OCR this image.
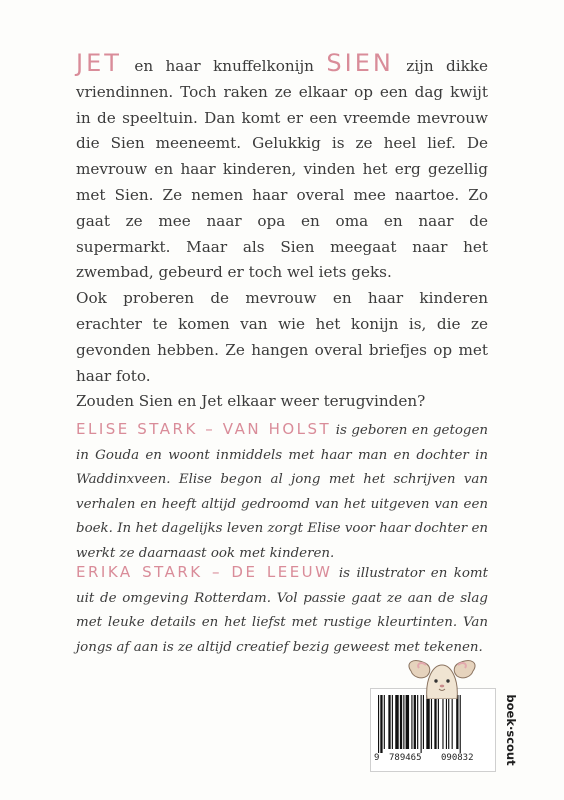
JET en haar knuffelkonijn SIEN zijn dikke vriendinnen. Toch raken ze elkaar op een dag kwijt in de speeltuin. Dan komt er een vreemde mevrouw die Sien meeneemt. Gelukkig is ze heel lief. De mevrouw en haar kinderen, vinden het erg gezellig met Sien. Ze nemen haar overal mee naartoe. Zo gaat ze mee naar opa en oma en naar de supermarkt. Maar als Sien meegaat naar het zwembad, gebeurd er toch wel iets geks.

Ook proberen de mevrouw en haar kinderen erachter te komen van wie het konijn is, die ze gevonden hebben. Ze hangen overal briefjes op met haar foto.

Zouden Sien en Jet elkaar weer terugvinden?

ELISE STARK – VAN HOLST is geboren en getogen in Gouda en woont inmiddels met haar man en dochter in Waddinxveen. Elise begon al jong met het schrijven van verhalen en heeft altijd gedroomd van het uitgeven van een boek. In het dagelijks leven zorgt Elise voor haar dochter en werkt ze daarnaast ook met kinderen.
ERIKA STARK – DE LEEUW is illustrator en komt uit de omgeving Rotterdam. Vol passie gaat ze aan de slag met leuke details en het liefst met rustige kleurtinten. Van jongs af aan is ze altijd creatief bezig geweest met tekenen.
9 789465 090832	boek·scout
